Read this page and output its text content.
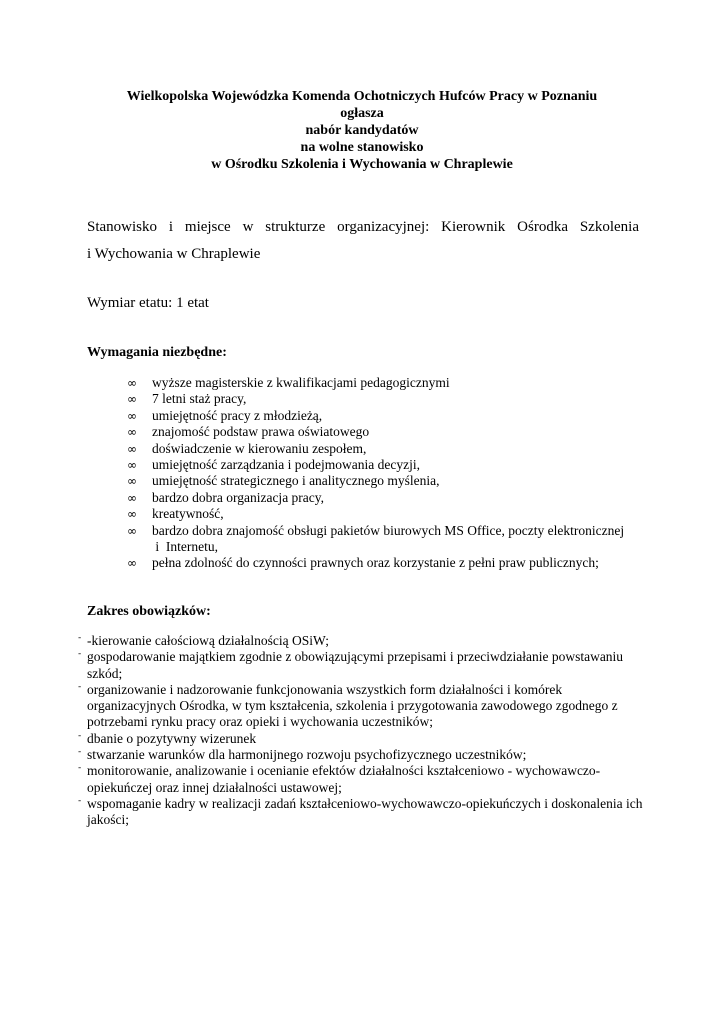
Wielkopolska Wojewódzka Komenda Ochotniczych Hufców Pracy w Poznaniu
ogłasza
nabór kandydatów
na wolne stanowisko
w Ośrodku Szkolenia i Wychowania w Chraplewie
Stanowisko i miejsce w strukturze organizacyjnej: Kierownik Ośrodka Szkolenia
i Wychowania w Chraplewie
Wymiar etatu: 1 etat
Wymagania niezbędne:
∞ wyższe magisterskie z kwalifikacjami pedagogicznymi
∞ 7 letni staż pracy,
∞ umiejętność pracy z młodzieżą,
∞ znajomość podstaw prawa oświatowego
∞ doświadczenie w kierowaniu zespołem,
∞ umiejętność zarządzania i podejmowania decyzji,
∞ umiejętność strategicznego i analitycznego myślenia,
∞ bardzo dobra organizacja pracy,
∞ kreatywność,
∞ bardzo dobra znajomość obsługi pakietów biurowych MS Office, poczty elektronicznej
i  Internetu,
∞ pełna zdolność do czynności prawnych oraz korzystanie z pełni praw publicznych;
Zakres obowiązków:
- -kierowanie całościową działalnością OSiW;
- gospodarowanie majątkiem zgodnie z obowiązującymi przepisami i przeciwdziałanie powstawaniu
szkód;
- organizowanie i nadzorowanie funkcjonowania wszystkich form działalności i komórek
organizacyjnych Ośrodka, w tym kształcenia, szkolenia i przygotowania zawodowego zgodnego z
potrzebami rynku pracy oraz opieki i wychowania uczestników;
- dbanie o pozytywny wizerunek
- stwarzanie warunków dla harmonijnego rozwoju psychofizycznego uczestników;
- monitorowanie, analizowanie i ocenianie efektów działalności kształceniowo - wychowawczo-
opiekuńczej oraz innej działalności ustawowej;
- wspomaganie kadry w realizacji zadań kształceniowo-wychowawczo-opiekuńczych i doskonalenia ich
jakości;
